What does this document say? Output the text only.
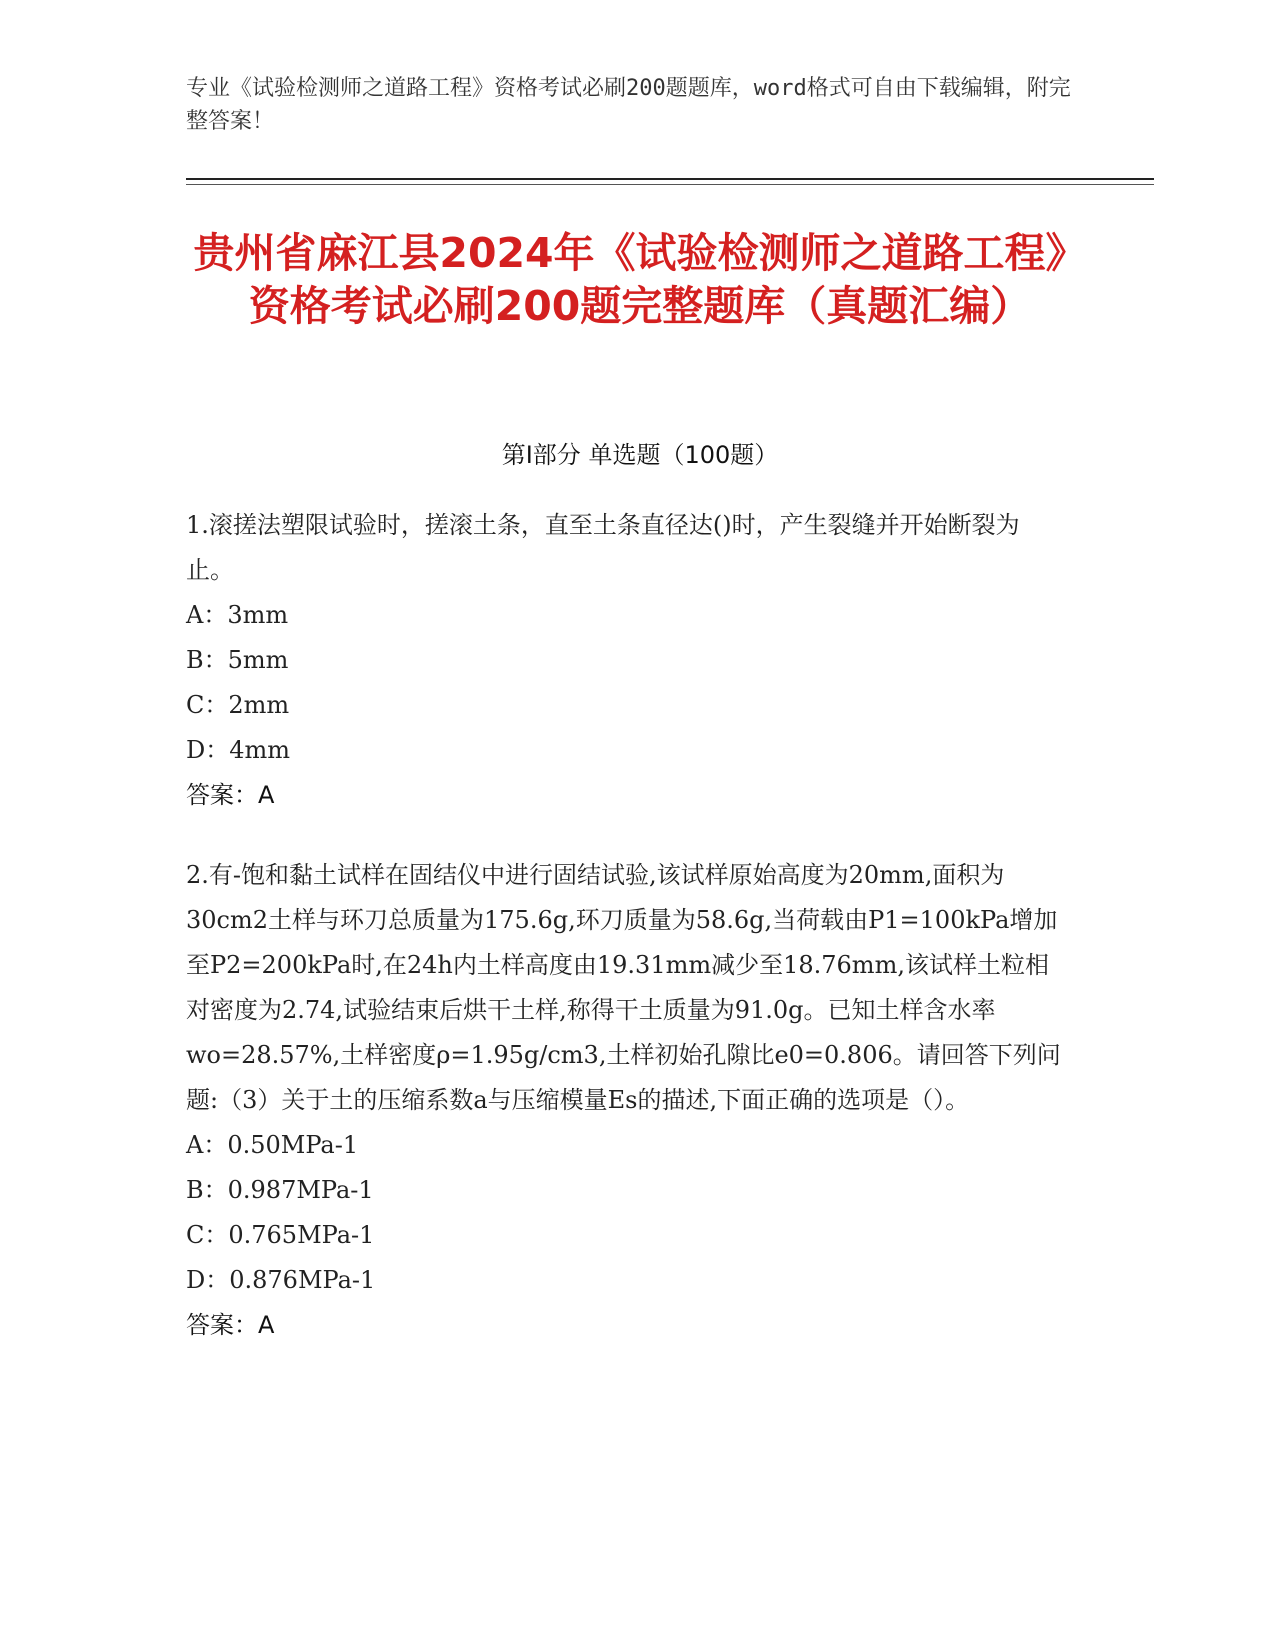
专业《试验检测师之道路工程》资格考试必刷200题题库，word格式可自由下载编辑，附完整答案！
贵州省麻江县2024年《试验检测师之道路工程》资格考试必刷200题完整题库（真题汇编）
第Ⅰ部分 单选题（100题）

1.滚搓法塑限试验时，搓滚土条，直至土条直径达()时，产生裂缝并开始断裂为止。

A：3mm

B：5mm

C：2mm

D：4mm

答案：A

2.有-饱和黏土试样在固结仪中进行固结试验,该试样原始高度为20mm,面积为30cm2土样与环刀总质量为175.6g,环刀质量为58.6g,当荷载由P1=100kPa增加至P2=200kPa时,在24h内土样高度由19.31mm减少至18.76mm,该试样土粒相对密度为2.74,试验结束后烘干土样,称得干土质量为91.0g。已知土样含水率wo=28.57%,土样密度ρ=1.95g/cm3,土样初始孔隙比e0=0.806。请回答下列问题:（3）关于土的压缩系数a与压缩模量Es的描述,下面正确的选项是（）。

A：0.50MPa-1

B：0.987MPa-1

C：0.765MPa-1

D：0.876MPa-1

答案：A
